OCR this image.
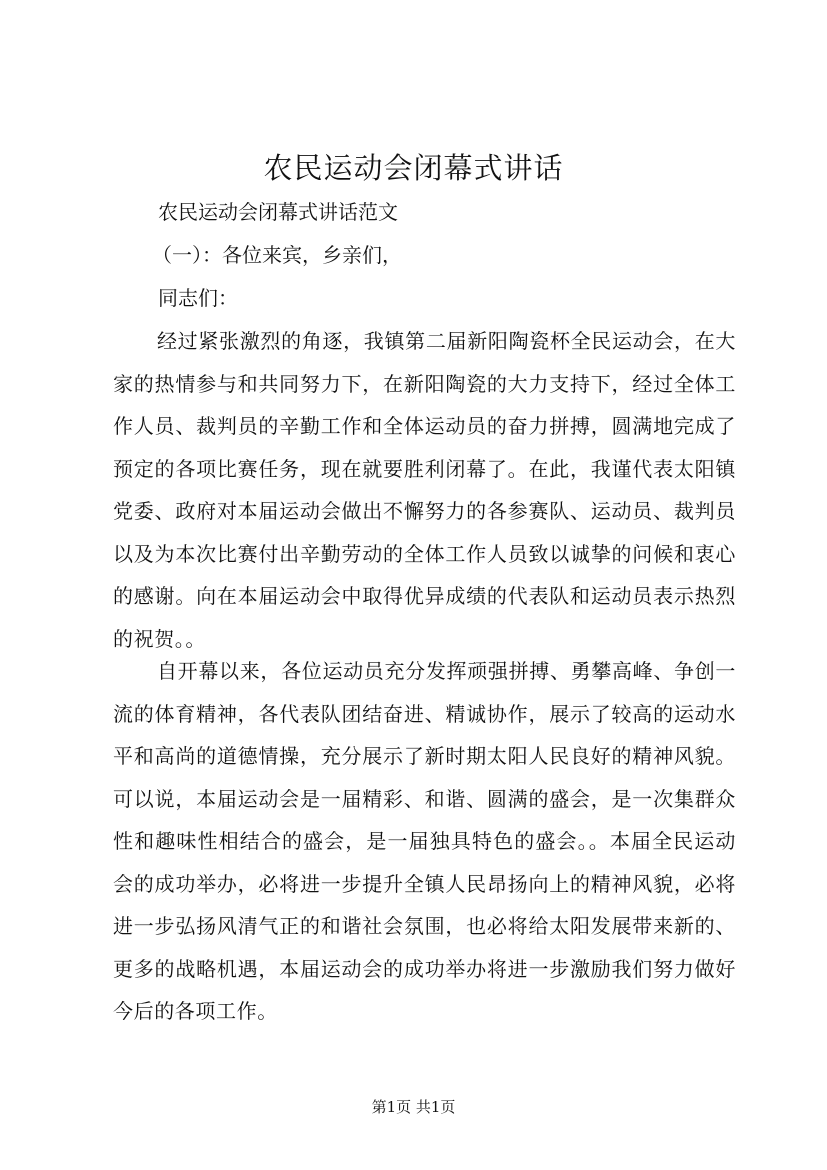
农民运动会闭幕式讲话

农民运动会闭幕式讲话范文

（一）：各位来宾，乡亲们，

同志们：

经过紧张激烈的角逐，我镇第二届新阳陶瓷杯全民运动会，在大家的热情参与和共同努力下，在新阳陶瓷的大力支持下，经过全体工作人员、裁判员的辛勤工作和全体运动员的奋力拼搏，圆满地完成了预定的各项比赛任务，现在就要胜利闭幕了。在此，我谨代表太阳镇党委、政府对本届运动会做出不懈努力的各参赛队、运动员、裁判员以及为本次比赛付出辛勤劳动的全体工作人员致以诚挚的问候和衷心的感谢。向在本届运动会中取得优异成绩的代表队和运动员表示热烈的祝贺。。

自开幕以来，各位运动员充分发挥顽强拼搏、勇攀高峰、争创一流的体育精神，各代表队团结奋进、精诚协作，展示了较高的运动水平和高尚的道德情操，充分展示了新时期太阳人民良好的精神风貌。可以说，本届运动会是一届精彩、和谐、圆满的盛会，是一次集群众性和趣味性相结合的盛会，是一届独具特色的盛会。。本届全民运动会的成功举办，必将进一步提升全镇人民昂扬向上的精神风貌，必将进一步弘扬风清气正的和谐社会氛围，也必将给太阳发展带来新的、更多的战略机遇，本届运动会的成功举办将进一步激励我们努力做好今后的各项工作。

第1页 共1页
